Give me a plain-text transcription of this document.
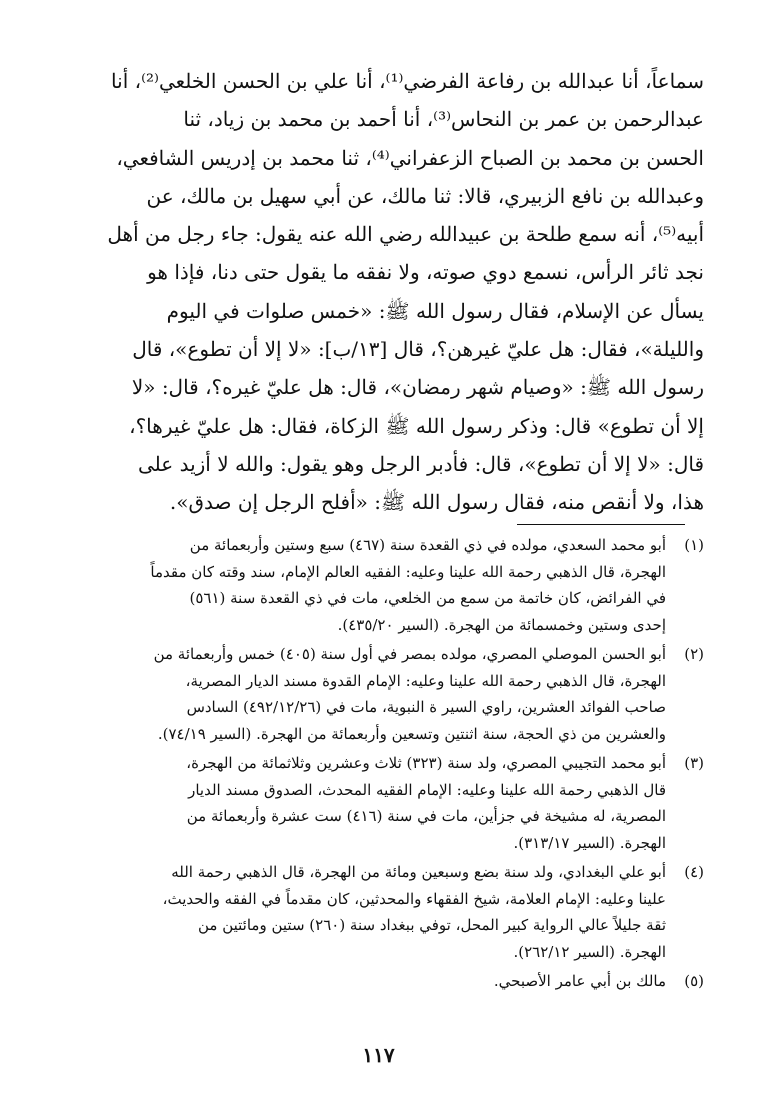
سماعاً، أنا عبدالله بن رفاعة الفرضي⁽¹⁾، أنا علي بن الحسن الخلعي⁽²⁾، أنا
عبدالرحمن بن عمر بن النحاس⁽³⁾، أنا أحمد بن محمد بن زياد، ثنا
الحسن بن محمد بن الصباح الزعفراني⁽⁴⁾، ثنا محمد بن إدريس الشافعي،
وعبدالله بن نافع الزبيري، قالا: ثنا مالك، عن أبي سهيل بن مالك، عن
أبيه⁽⁵⁾، أنه سمع طلحة بن عبيدالله رضي الله عنه يقول: جاء رجل من أهل
نجد ثائر الرأس، نسمع دوي صوته، ولا نفقه ما يقول حتى دنا، فإذا هو
يسأل عن الإسلام، فقال رسول الله ﷺ: «خمس صلوات في اليوم
والليلة»، فقال: هل عليّ غيرهن؟، قال [١٣/ب]: «لا إلا أن تطوع»، قال
رسول الله ﷺ: «وصيام شهر رمضان»، قال: هل عليّ غيره؟، قال: «لا
إلا أن تطوع» قال: وذكر رسول الله ﷺ الزكاة، فقال: هل عليّ غيرها؟،
قال: «لا إلا أن تطوع»، قال: فأدبر الرجل وهو يقول: والله لا أزيد على
هذا، ولا أنقص منه، فقال رسول الله ﷺ: «أفلح الرجل إن صدق».
(١)
أبو محمد السعدي، مولده في ذي القعدة سنة (٤٦٧) سبع وستين وأربعمائة من
الهجرة، قال الذهبي رحمة الله علينا وعليه: الفقيه العالم الإمام، سند وقته كان مقدماً
في الفرائض، كان خاتمة من سمع من الخلعي، مات في ذي القعدة سنة (٥٦١)
إحدى وستين وخمسمائة من الهجرة. (السير ٤٣٥/٢٠).
(٢)
أبو الحسن الموصلي المصري، مولده بمصر في أول سنة (٤٠٥) خمس وأربعمائة من
الهجرة، قال الذهبي رحمة الله علينا وعليه: الإمام القدوة مسند الديار المصرية،
صاحب الفوائد العشرين، راوي السير ة النبوية، مات في (٤٩٢/١٢/٢٦) السادس
والعشرين من ذي الحجة، سنة اثنتين وتسعين وأربعمائة من الهجرة. (السير ٧٤/١٩).
(٣)
أبو محمد التجيبي المصري، ولد سنة (٣٢٣) ثلاث وعشرين وثلاثمائة من الهجرة،
قال الذهبي رحمة الله علينا وعليه: الإمام الفقيه المحدث، الصدوق مسند الديار
المصرية، له مشيخة في جزأين، مات في سنة (٤١٦) ست عشرة وأربعمائة من
الهجرة. (السير ٣١٣/١٧).
(٤)
أبو علي البغدادي، ولد سنة بضع وسبعين ومائة من الهجرة، قال الذهبي رحمة الله
علينا وعليه: الإمام العلامة، شيخ الفقهاء والمحدثين، كان مقدماً في الفقه والحديث،
ثقة جليلاً عالي الرواية كبير المحل، توفي ببغداد سنة (٢٦٠) ستين ومائتين من
الهجرة. (السير ٢٦٢/١٢).
(٥)
مالك بن أبي عامر الأصبحي.
١١٧
